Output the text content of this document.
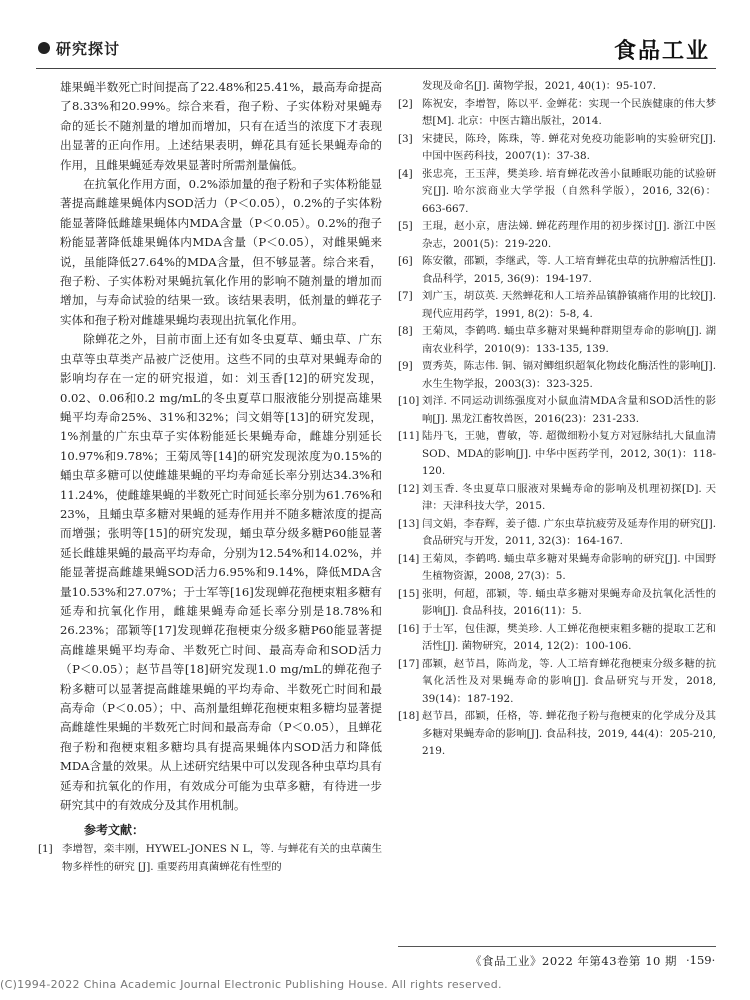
研究探讨	食品工业

雄果蝇半数死亡时间提高了22.48%和25.41%，最高寿命提高了8.33%和20.99%。综合来看，孢子粉、子实体粉对果蝇寿命的延长不随剂量的增加而增加，只有在适当的浓度下才表现出显著的正向作用。上述结果表明，蝉花具有延长果蝇寿命的作用，且雌果蝇延寿效果显著时所需剂量偏低。

在抗氧化作用方面，0.2%添加量的孢子粉和子实体粉能显著提高雌雄果蝇体内SOD活力（P＜0.05），0.2%的子实体粉能显著降低雌雄果蝇体内MDA含量（P＜0.05）。0.2%的孢子粉能显著降低雄果蝇体内MDA含量（P＜0.05），对雌果蝇来说，虽能降低27.64%的MDA含量，但不够显著。综合来看，孢子粉、子实体粉对果蝇抗氧化作用的影响不随剂量的增加而增加，与寿命试验的结果一致。该结果表明，低剂量的蝉花子实体和孢子粉对雌雄果蝇均表现出抗氧化作用。

除蝉花之外，目前市面上还有如冬虫夏草、蛹虫草、广东虫草等虫草类产品被广泛使用。这些不同的虫草对果蝇寿命的影响均存在一定的研究报道，如：刘玉香[12]的研究发现，0.02、0.06和0.2 mg/mL的冬虫夏草口服液能分别提高雄果蝇平均寿命25%、31%和32%；闫文娟等[13]的研究发现，1%剂量的广东虫草子实体粉能延长果蝇寿命，雌雄分别延长10.97%和9.78%；王菊凤等[14]的研究发现浓度为0.15%的蛹虫草多糖可以使雌雄果蝇的平均寿命延长率分别达34.3%和11.24%，使雌雄果蝇的半数死亡时间延长率分别为61.76%和23%，且蛹虫草多糖对果蝇的延寿作用并不随多糖浓度的提高而增强；张明等[15]的研究发现，蛹虫草分级多糖P60能显著延长雌雄果蝇的最高平均寿命，分别为12.54%和14.02%，并能显著提高雌雄果蝇SOD活力6.95%和9.14%，降低MDA含量10.53%和27.07%；于士军等[16]发现蝉花孢梗束粗多糖有延寿和抗氧化作用，雌雄果蝇寿命延长率分别是18.78%和26.23%；邵颖等[17]发现蝉花孢梗束分级多糖P60能显著提高雌雄果蝇平均寿命、半数死亡时间、最高寿命和SOD活力（P＜0.05）；赵节昌等[18]研究发现1.0 mg/mL的蝉花孢子粉多糖可以显著提高雌雄果蝇的平均寿命、半数死亡时间和最高寿命（P＜0.05）；中、高剂量组蝉花孢梗束粗多糖均显著提高雌雄性果蝇的半数死亡时间和最高寿命（P＜0.05），且蝉花孢子粉和孢梗束粗多糖均具有提高果蝇体内SOD活力和降低MDA含量的效果。从上述研究结果中可以发现各种虫草均具有延寿和抗氧化的作用，有效成分可能为虫草多糖，有待进一步研究其中的有效成分及其作用机制。

参考文献：

[1] 李增智，栾丰刚，HYWEL-JONES N L，等. 与蝉花有关的虫草菌生物多样性的研究 [J]. 重要药用真菌蝉花有性型的

发现及命名[J]. 菌物学报，2021, 40(1)：95-107.

[2] 陈祝安，李增智，陈以平. 金蝉花：实现一个民族健康的伟大梦想[M]. 北京：中医古籍出版社，2014.

[3] 宋捷民，陈玲，陈珠，等. 蝉花对免疫功能影响的实验研究[J]. 中国中医药科技，2007(1)：37-38.

[4] 张忠亮，王玉萍，樊美珍. 培育蝉花改善小鼠睡眠功能的试验研究[J]. 哈尔滨商业大学学报（自然科学版），2016, 32(6)：663-667.

[5] 王琨，赵小京，唐法娣. 蝉花药理作用的初步探讨[J]. 浙江中医杂志，2001(5)：219-220.

[6] 陈安徽，邵颖，李继武，等. 人工培育蝉花虫草的抗肿瘤活性[J]. 食品科学，2015, 36(9)：194-197.

[7] 刘广玉，胡苡英. 天然蝉花和人工培养品镇静镇痛作用的比较[J]. 现代应用药学，1991, 8(2)：5-8, 4.

[8] 王菊凤，李鹤鸣. 蛹虫草多糖对果蝇种群期望寿命的影响[J]. 湖南农业科学，2010(9)：133-135, 139.

[9] 贾秀英，陈志伟. 铜、镉对鲫组织超氧化物歧化酶活性的影响[J]. 水生生物学报，2003(3)：323-325.

[10] 刘洋. 不同运动训练强度对小鼠血清MDA含量和SOD活性的影响[J]. 黑龙江畜牧兽医，2016(23)：231-233.

[11] 陆丹飞，王驰，曹敏，等. 超微细粉小复方对冠脉结扎大鼠血清SOD、MDA的影响[J]. 中华中医药学刊，2012, 30(1)：118-120.

[12] 刘玉香. 冬虫夏草口服液对果蝇寿命的影响及机理初探[D]. 天津：天津科技大学，2015.

[13] 闫文娟，李春辉，姜子德. 广东虫草抗疲劳及延寿作用的研究[J]. 食品研究与开发，2011, 32(3)：164-167.

[14] 王菊凤，李鹤鸣. 蛹虫草多糖对果蝇寿命影响的研究[J]. 中国野生植物资源，2008, 27(3)：5.

[15] 张明，何超，邵颖，等. 蛹虫草多糖对果蝇寿命及抗氧化活性的影响[J]. 食品科技，2016(11)：5.

[16] 于士军，包佳源，樊美珍. 人工蝉花孢梗束粗多糖的提取工艺和活性[J]. 菌物研究，2014, 12(2)：100-106.

[17] 邵颖，赵节昌，陈尚龙，等. 人工培育蝉花孢梗束分级多糖的抗氧化活性及对果蝇寿命的影响[J]. 食品研究与开发，2018, 39(14)：187-192.

[18] 赵节昌，邵颖，任格，等. 蝉花孢子粉与孢梗束的化学成分及其多糖对果蝇寿命的影响[J]. 食品科技，2019, 44(4)：205-210, 219.

《食品工业》2022 年第43卷第 10 期 ·159·
(C)1994-2022 China Academic Journal Electronic Publishing House. All rights reserved.
